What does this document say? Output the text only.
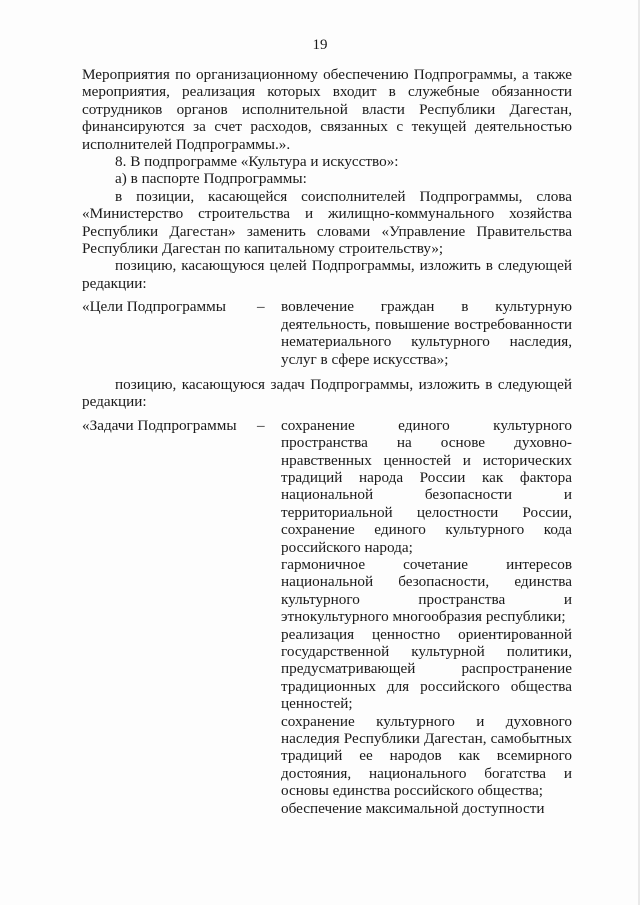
19

Мероприятия по организационному обеспечению Подпрограммы, а также мероприятия, реализация которых входит в служебные обязанности сотрудников органов исполнительной власти Республики Дагестан, финансируются за счет расходов, связанных с текущей деятельностью исполнителей Подпрограммы.».

8. В подпрограмме «Культура и искусство»:

а) в паспорте Подпрограммы:

в позиции, касающейся соисполнителей Подпрограммы, слова «Министерство строительства и жилищно-коммунального хозяйства Республики Дагестан» заменить словами «Управление Правительства Республики Дагестан по капитальному строительству»;

позицию, касающуюся целей Подпрограммы, изложить в следующей редакции:

«Цели Подпрограммы	–	вовлечение граждан в культурную деятельность, повышение востребованности нематериального культурного наследия, услуг в сфере искусства»;

позицию, касающуюся задач Подпрограммы, изложить в следующей редакции:

«Задачи Подпрограммы	–	сохранение единого культурного пространства на основе духовно-нравственных ценностей и исторических традиций народа России как фактора национальной безопасности и территориальной целостности России, сохранение единого культурного кода российского народа;

гармоничное сочетание интересов национальной безопасности, единства культурного пространства и этнокультурного многообразия республики;

реализация ценностно ориентированной государственной культурной политики, предусматривающей распространение традиционных для российского общества ценностей;

сохранение культурного и духовного наследия Республики Дагестан, самобытных традиций ее народов как всемирного достояния, национального богатства и основы единства российского общества;

обеспечение максимальной доступности
